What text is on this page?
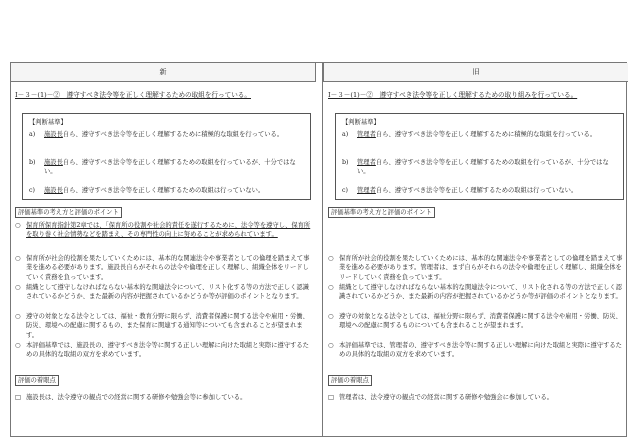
新	旧
Ⅰ－３－(1)－②　遵守すべき法令等を正しく理解するための取組を行っている。
【判断基準】
a) 施設長自ら、遵守すべき法令等を正しく理解するために積極的な取組を行っている。
b) 施設長自ら、遵守すべき法令等を正しく理解するための取組を行っているが、十分ではない。
c) 施設長自ら、遵守すべき法令等を正しく理解するための取組は行っていない。
評価基準の考え方と評価のポイント
○ 保育所保育指針第2章では、「保育所の役割や社会的責任を遂行するために、法令等を遵守し、保育所を取り巻く社会情勢などを踏まえ、その専門性の向上に努めることが求められています。
○ 保育所が社会的役割を果たしていくためには、基本的な関連法令や事業者としての倫理を踏まえて事業を進める必要があります。施設長自らがそれらの法令や倫理を正しく理解し、組織全体をリードしていく責務を負っています。
○ 組織として遵守しなければならない基本的な関連法令について、リスト化する等の方法で正しく認識されているかどうか、また最新の内容が把握されているかどうか等が評価のポイントとなります。
○ 遵守の対象となる法令としては、福祉・教育分野に限らず、消費者保護に関する法令や雇用・労働、防災、環境への配慮に関するもの、また保育に関連する通知等についても含まれることが望まれます。
○ 本評価基準では、施設長の、遵守すべき法令等に関する正しい理解に向けた取組と実際に遵守するための具体的な取組の双方を求めています。
評価の着眼点
□ 施設長は、法令遵守の観点での経営に関する研修や勉強会等に参加している。
Ⅰ－３－(1)－②　遵守すべき法令等を正しく理解するための取り組みを行っている。
【判断基準】
a) 管理者自ら、遵守すべき法令等を正しく理解するために積極的な取組を行っている。
b) 管理者自ら、遵守すべき法令等を正しく理解するための取組を行っているが、十分ではない。
c) 管理者自ら、遵守すべき法令等を正しく理解するための取組は行っていない。
評価基準の考え方と評価のポイント
○ 保育所が社会的役割を果たしていくためには、基本的な関連法令や事業者としての倫理を踏まえて事業を進める必要があります。管理者は、まず自らがそれらの法令や倫理を正しく理解し、組織全体をリードしていく責務を負っています。
○ 組織として遵守しなければならない基本的な関連法令について、リスト化される等の方法で正しく認識されているかどうか、また最新の内容が把握されているかどうか等が評価のポイントとなります。
○ 遵守の対象となる法令としては、福祉分野に限らず、消費者保護に関する法令や雇用・労働、防災、環境への配慮に関するものについても含まれることが望まれます。
○ 本評価基準では、管理者の、遵守すべき法令等に関する正しい理解に向けた取組と実際に遵守するための具体的な取組の双方を求めています。
評価の着眼点
□ 管理者は、法令遵守の観点での経営に関する研修や勉強会に参加している。
